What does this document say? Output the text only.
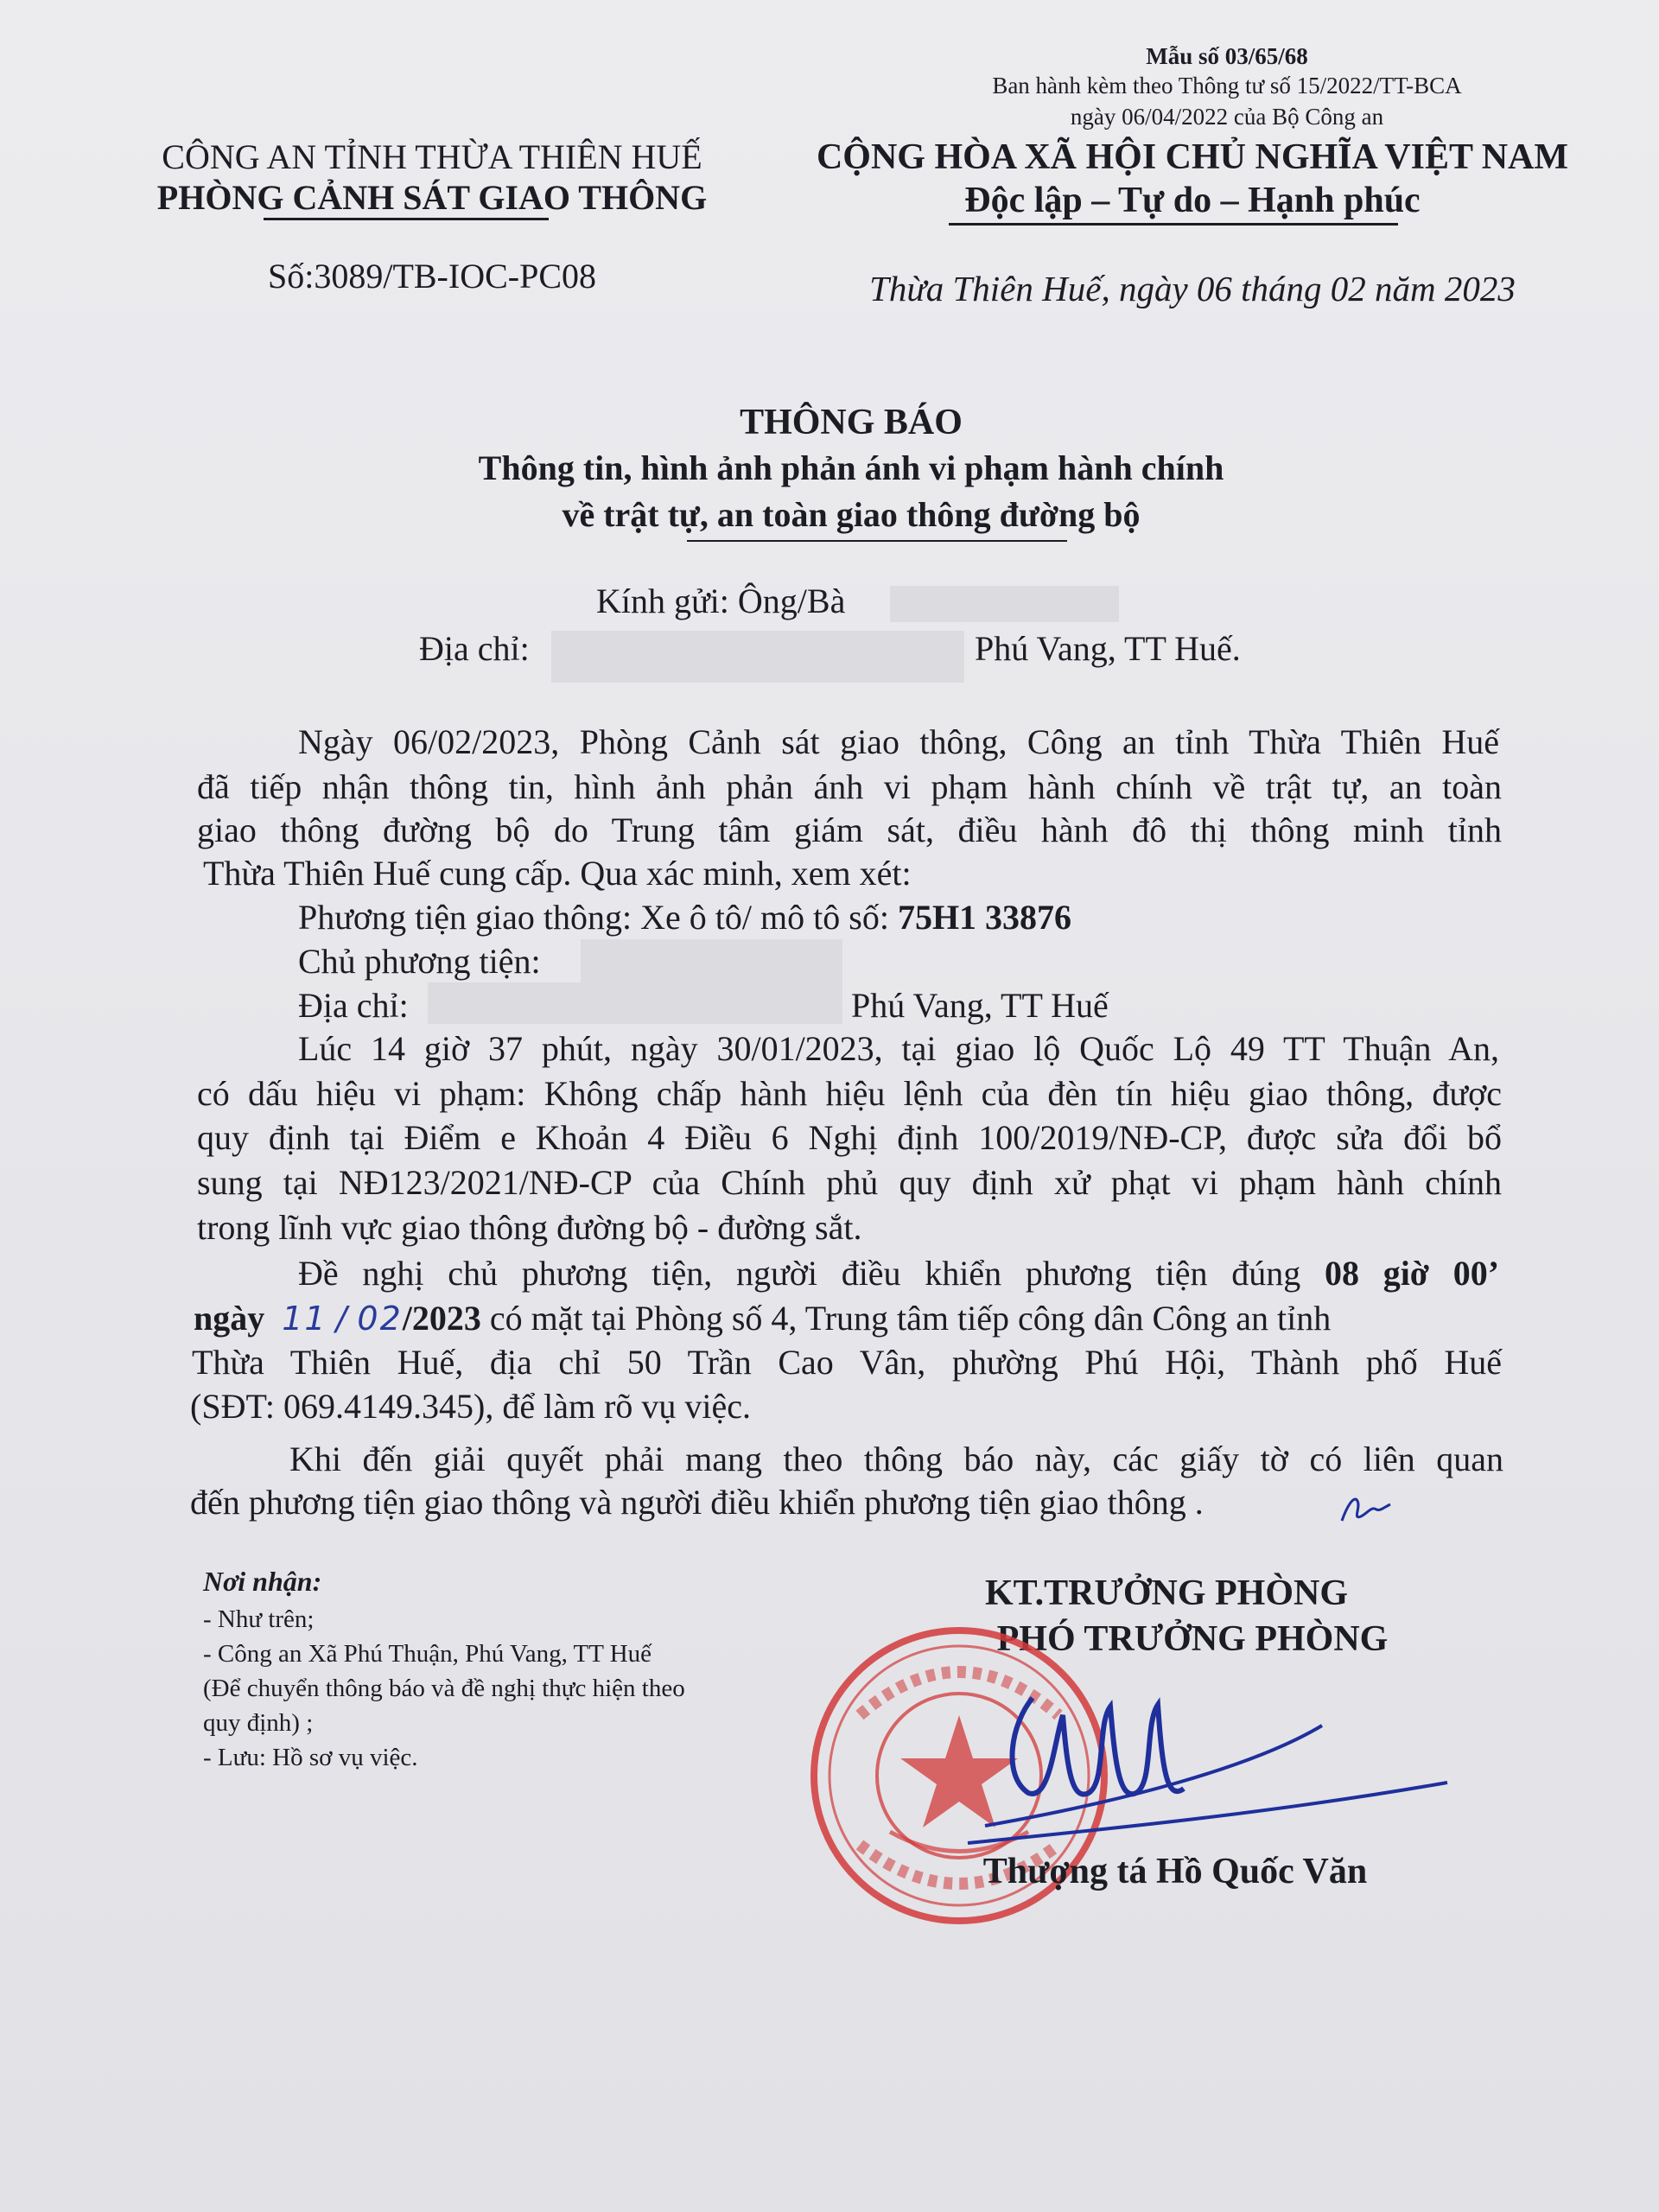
Mẫu số 03/65/68
Ban hành kèm theo Thông tư số 15/2022/TT-BCA
ngày 06/04/2022 của Bộ Công an
CÔNG AN TỈNH THỪA THIÊN HUẾ
PHÒNG CẢNH SÁT GIAO THÔNG
Số:3089/TB-IOC-PC08
CỘNG HÒA XÃ HỘI CHỦ NGHĨA VIỆT NAM
Độc lập – Tự do – Hạnh phúc
Thừa Thiên Huế, ngày 06 tháng 02 năm 2023
THÔNG BÁO
Thông tin, hình ảnh phản ánh vi phạm hành chính
về trật tự, an toàn giao thông đường bộ
Kính gửi: Ông/Bà
Địa chỉ:	Phú Vang, TT Huế.
Ngày 06/02/2023, Phòng Cảnh sát giao thông, Công an tỉnh Thừa Thiên Huế
đã tiếp nhận thông tin, hình ảnh phản ánh vi phạm hành chính về trật tự, an toàn
giao thông đường bộ do Trung tâm giám sát, điều hành đô thị thông minh tỉnh
Thừa Thiên Huế cung cấp. Qua xác minh, xem xét:
Phương tiện giao thông: Xe ô tô/ mô tô số: 75H1 33876
Chủ phương tiện:
Địa chỉ:	Phú Vang, TT Huế
Lúc 14 giờ 37 phút, ngày 30/01/2023, tại giao lộ Quốc Lộ 49 TT Thuận An,
có dấu hiệu vi phạm: Không chấp hành hiệu lệnh của đèn tín hiệu giao thông, được
quy định tại Điểm e Khoản 4 Điều 6 Nghị định 100/2019/NĐ-CP, được sửa đổi bổ
sung tại NĐ123/2021/NĐ-CP của Chính phủ quy định xử phạt vi phạm hành chính
trong lĩnh vực giao thông đường bộ - đường sắt.
Đề nghị chủ phương tiện, người điều khiển phương tiện đúng 08 giờ 00’
ngày 11 / 02/2023 có mặt tại Phòng số 4, Trung tâm tiếp công dân Công an tỉnh
Thừa Thiên Huế, địa chỉ 50 Trần Cao Vân, phường Phú Hội, Thành phố Huế
(SĐT: 069.4149.345), để làm rõ vụ việc.
Khi đến giải quyết phải mang theo thông báo này, các giấy tờ có liên quan
đến phương tiện giao thông và người điều khiển phương tiện giao thông .
Nơi nhận:
- Như trên;
- Công an Xã Phú Thuận, Phú Vang, TT Huế
(Để chuyển thông báo và đề nghị thực hiện theo
quy định) ;
- Lưu: Hồ sơ vụ việc.
KT.TRƯỞNG PHÒNG
PHÓ TRƯỞNG PHÒNG
Thượng tá Hồ Quốc Văn
